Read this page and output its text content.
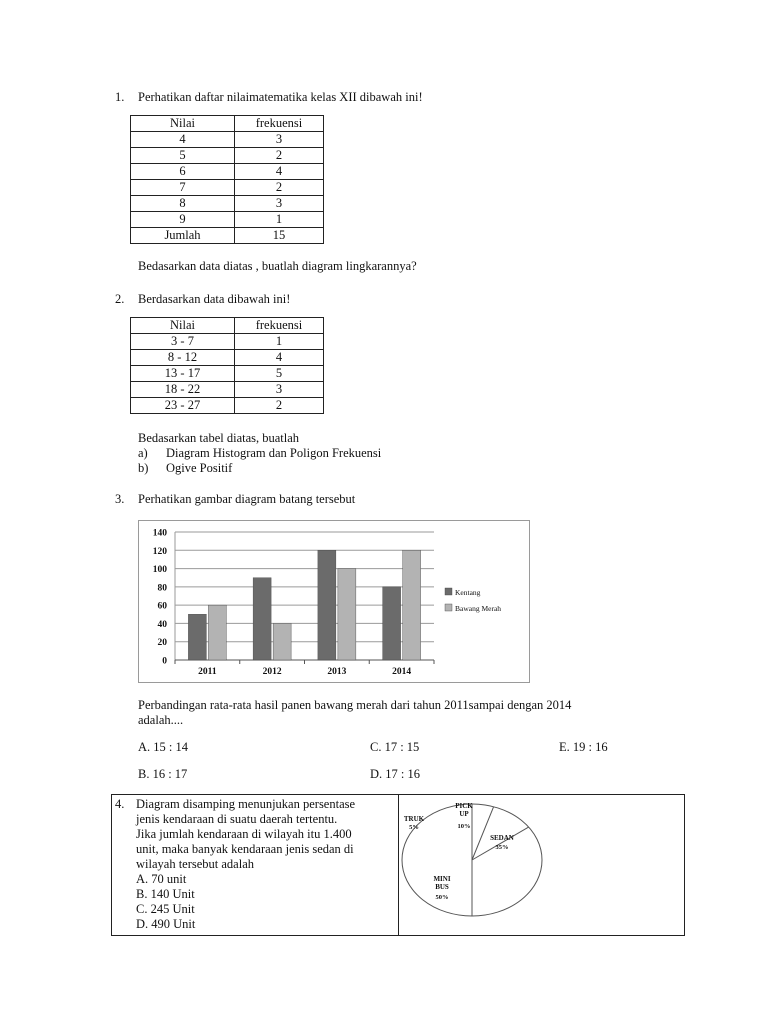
1. Perhatikan daftar nilaimatematika kelas XII dibawah ini!
Nilai	frekuensi
4	3
5	2
6	4
7	2
8	3
9	1
Jumlah	15
Bedasarkan data diatas , buatlah diagram lingkarannya?
2. Berdasarkan data dibawah ini!
Nilai	frekuensi
3 - 7	1
8 - 12	4
13 - 17	5
18 - 22	3
23 - 27	2
Bedasarkan tabel diatas, buatlah
a) Diagram Histogram dan Poligon Frekuensi
b) Ogive Positif
3. Perhatikan gambar diagram batang tersebut
0
20
40
60
80
100
120
140
2011	2012	2013	2014
Kentang
Bawang Merah
Perbandingan rata-rata hasil panen bawang merah dari tahun 2011sampai dengan 2014
adalah....
A. 15 : 14	C. 17 : 15	E. 19 : 16
B. 16 : 17	D. 17 : 16
4. Diagram disamping menunjukan persentase
jenis kendaraan di suatu daerah tertentu.
Jika jumlah kendaraan di wilayah itu 1.400
unit, maka banyak kendaraan jenis sedan di
wilayah tersebut adalah
A. 70 unit
B. 140 Unit
C. 245 Unit
D. 490 Unit
TRUK
5%
PICK
UP
10%
SEDAN
35%
MINI
BUS
50%
